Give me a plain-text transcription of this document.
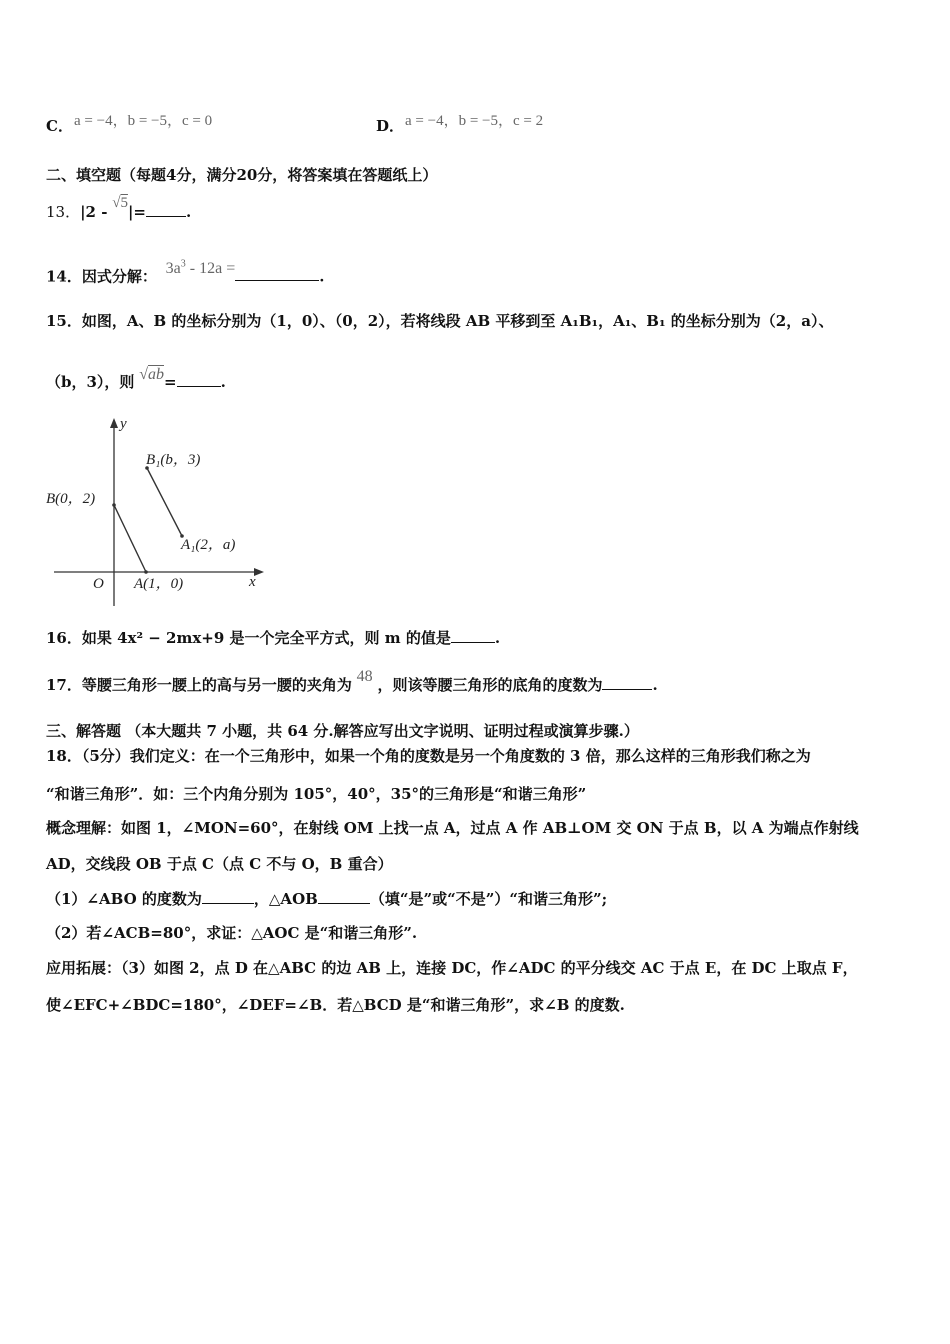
C． a = −4，b = −5，c = 0	D． a = −4，b = −5，c = 2
二、填空题（每题4分，满分20分，将答案填在答题纸上）
13．|2 - √5|=	.
14．因式分解： $3a^3 - 12a$ =	.
15．如图，A、B 的坐标分别为（1，0）、（0，2），若将线段 AB 平移到至 A₁B₁，A₁、B₁ 的坐标分别为（2，a）、
（b，3），则 √ab=	.
y
x
O
B(0，2)
A(1，0)
B₁(b，3)
A₁(2，a)
16．如果 4x² − 2mx+9 是一个完全平方式，则 m 的值是	.
17．等腰三角形一腰上的高与另一腰的夹角为 48 ，则该等腰三角形的底角的度数为	.
三、解答题 （本大题共 7 小题，共 64 分.解答应写出文字说明、证明过程或演算步骤.）
18．（5分）我们定义：在一个三角形中，如果一个角的度数是另一个角度数的 3 倍，那么这样的三角形我们称之为
“和谐三角形”．如：三个内角分别为 105°，40°，35°的三角形是“和谐三角形”
概念理解：如图 1，∠MON=60°，在射线 OM 上找一点 A，过点 A 作 AB⊥OM 交 ON 于点 B，以 A 为端点作射线
AD，交线段 OB 于点 C（点 C 不与 O，B 重合）
（1）∠ABO 的度数为	，△AOB	（填“是”或“不是”）“和谐三角形”;
（2）若∠ACB=80°，求证：△AOC 是“和谐三角形”.
应用拓展：（3）如图 2，点 D 在△ABC 的边 AB 上，连接 DC，作∠ADC 的平分线交 AC 于点 E，在 DC 上取点 F，
使∠EFC+∠BDC=180°，∠DEF=∠B．若△BCD 是“和谐三角形”，求∠B 的度数.
